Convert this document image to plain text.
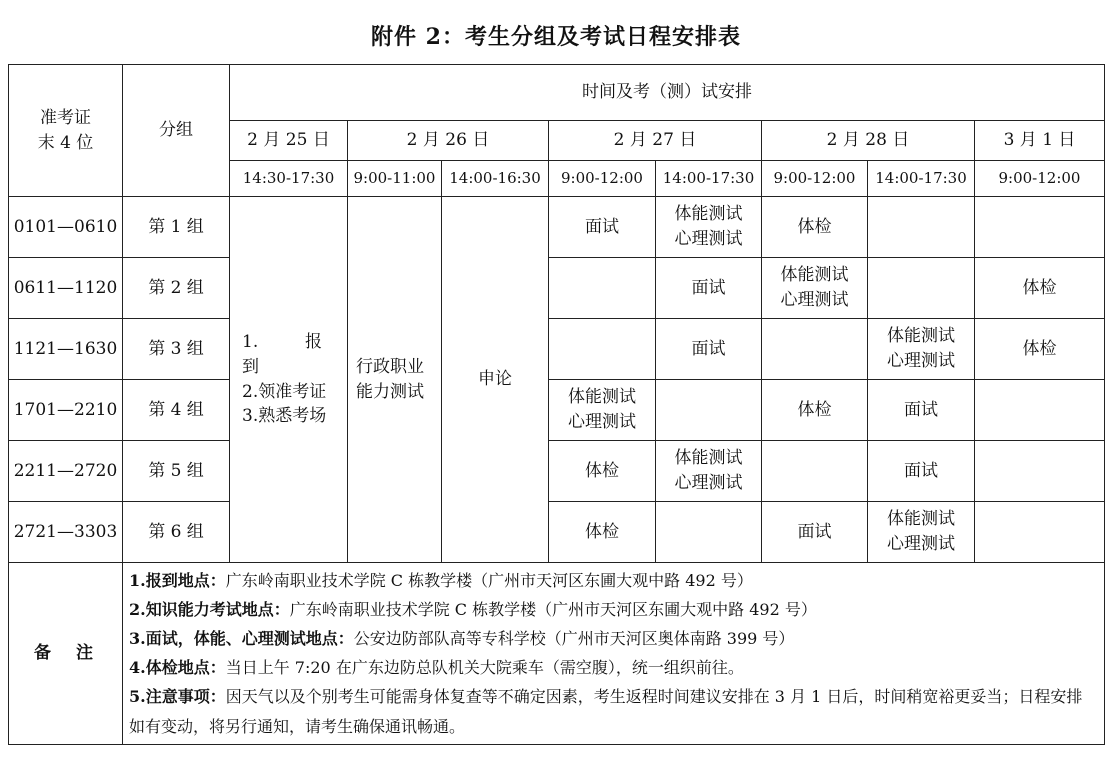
附件 2：考生分组及考试日程安排表
准考证
末 4 位	分组	时间及考（测）试安排							
		2 月 25 日	2 月 26 日		2 月 27 日		2 月 28 日		3 月 1 日
		14:30-17:30	9:00-11:00	14:00-16:30	9:00-12:00	14:00-17:30	9:00-12:00	14:00-17:30	9:00-12:00
0101—0610	第 1 组	1.报　　到
2.领准考证
3.熟悉考场	行政职业
能力测试	申论	面试	体能测试
心理测试	体检		
0611—1120	第 2 组					面试	体能测试
心理测试		体检
1121—1630	第 3 组					面试		体能测试
心理测试	体检
1701—2210	第 4 组				体能测试
心理测试		体检	面试	
2211—2720	第 5 组				体检	体能测试
心理测试		面试	
2721—3303	第 6 组				体检		面试	体能测试
心理测试	
备　注	1.报到地点：广东岭南职业技术学院 C 栋教学楼（广州市天河区东圃大观中路 492 号）
2.知识能力考试地点：广东岭南职业技术学院 C 栋教学楼（广州市天河区东圃大观中路 492 号）
3.面试，体能、心理测试地点：公安边防部队高等专科学校（广州市天河区奥体南路 399 号）
4.体检地点：当日上午 7:20 在广东边防总队机关大院乘车（需空腹），统一组织前往。
5.注意事项：因天气以及个别考生可能需身体复查等不确定因素，考生返程时间建议安排在 3 月 1 日后，时间稍宽裕更妥当；日程安排如有变动，将另行通知，请考生确保通讯畅通。								
